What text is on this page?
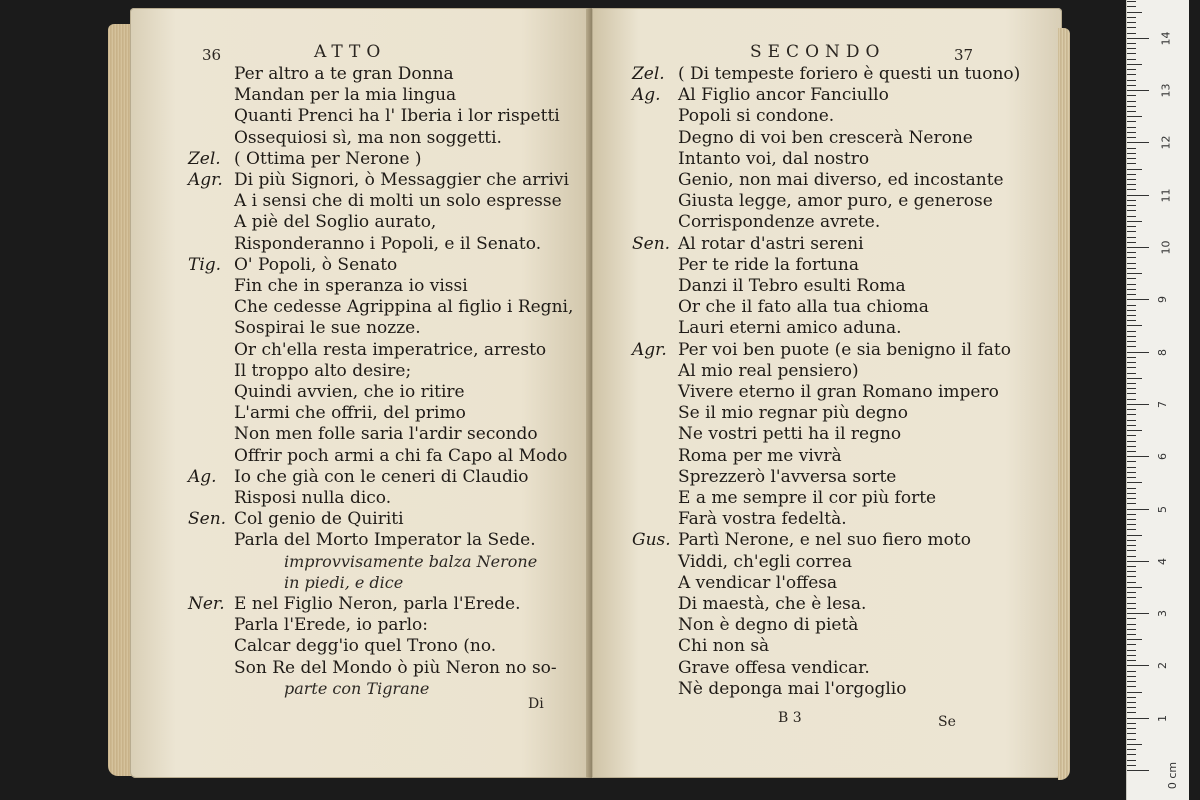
36	ATTO
Per altro a te gran Donna
Mandan per la mia lingua
Quanti Prenci ha l' Iberia i lor rispetti
Ossequiosi sì, ma non soggetti.
Zel. ( Ottima per Nerone )
Agr. Di più Signori, ò Messaggier che arrivi
A i sensi che di molti un solo espresse
A piè del Soglio aurato,
Risponderanno i Popoli, e il Senato.
Tig. O' Popoli, ò Senato
Fin che in speranza io vissi
Che cedesse Agrippina al figlio i Regni,
Sospirai le sue nozze.
Or ch'ella resta imperatrice, arresto
Il troppo alto desire;
Quindi avvien, che io ritire
L'armi che offrii, del primo
Non men folle saria l'ardir secondo
Offrir poch armi a chi fa Capo al Modo
Ag. Io che già con le ceneri di Claudio
Risposi nulla dico.
Sen. Col genio de Quiriti
Parla del Morto Imperator la Sede.
improvvisamente balza Nerone
in piedi, e dice
Ner. E nel Figlio Neron, parla l'Erede.
Parla l'Erede, io parlo:
Calcar degg'io quel Trono (no.
Son Re del Mondo ò più Neron no so-
parte con Tigrane
Di
SECONDO	37
Zel. ( Di tempeste foriero è questi un tuono)
Ag. Al Figlio ancor Fanciullo
Popoli si condone.
Degno di voi ben crescerà Nerone
Intanto voi, dal nostro
Genio, non mai diverso, ed incostante
Giusta legge, amor puro, e generose
Corrispondenze avrete.
Sen. Al rotar d'astri sereni
Per te ride la fortuna
Danzi il Tebro esulti Roma
Or che il fato alla tua chioma
Lauri eterni amico aduna.
Agr. Per voi ben puote (e sia benigno il fato
Al mio real pensiero)
Vivere eterno il gran Romano impero
Se il mio regnar più degno
Ne vostri petti ha il regno
Roma per me vivrà
Sprezzerò l'avversa sorte
E a me sempre il cor più forte
Farà vostra fedeltà.
Gus. Partì Nerone, e nel suo fiero moto
Viddi, ch'egli correa
A vendicar l'offesa
Di maestà, che è lesa.
Non è degno di pietà
Chi non sà
Grave offesa vendicar.
Nè deponga mai l'orgoglio
B 3	Se
0 cm
1
2
3
4
5
6
7
8
9
10
11
12
13
14
